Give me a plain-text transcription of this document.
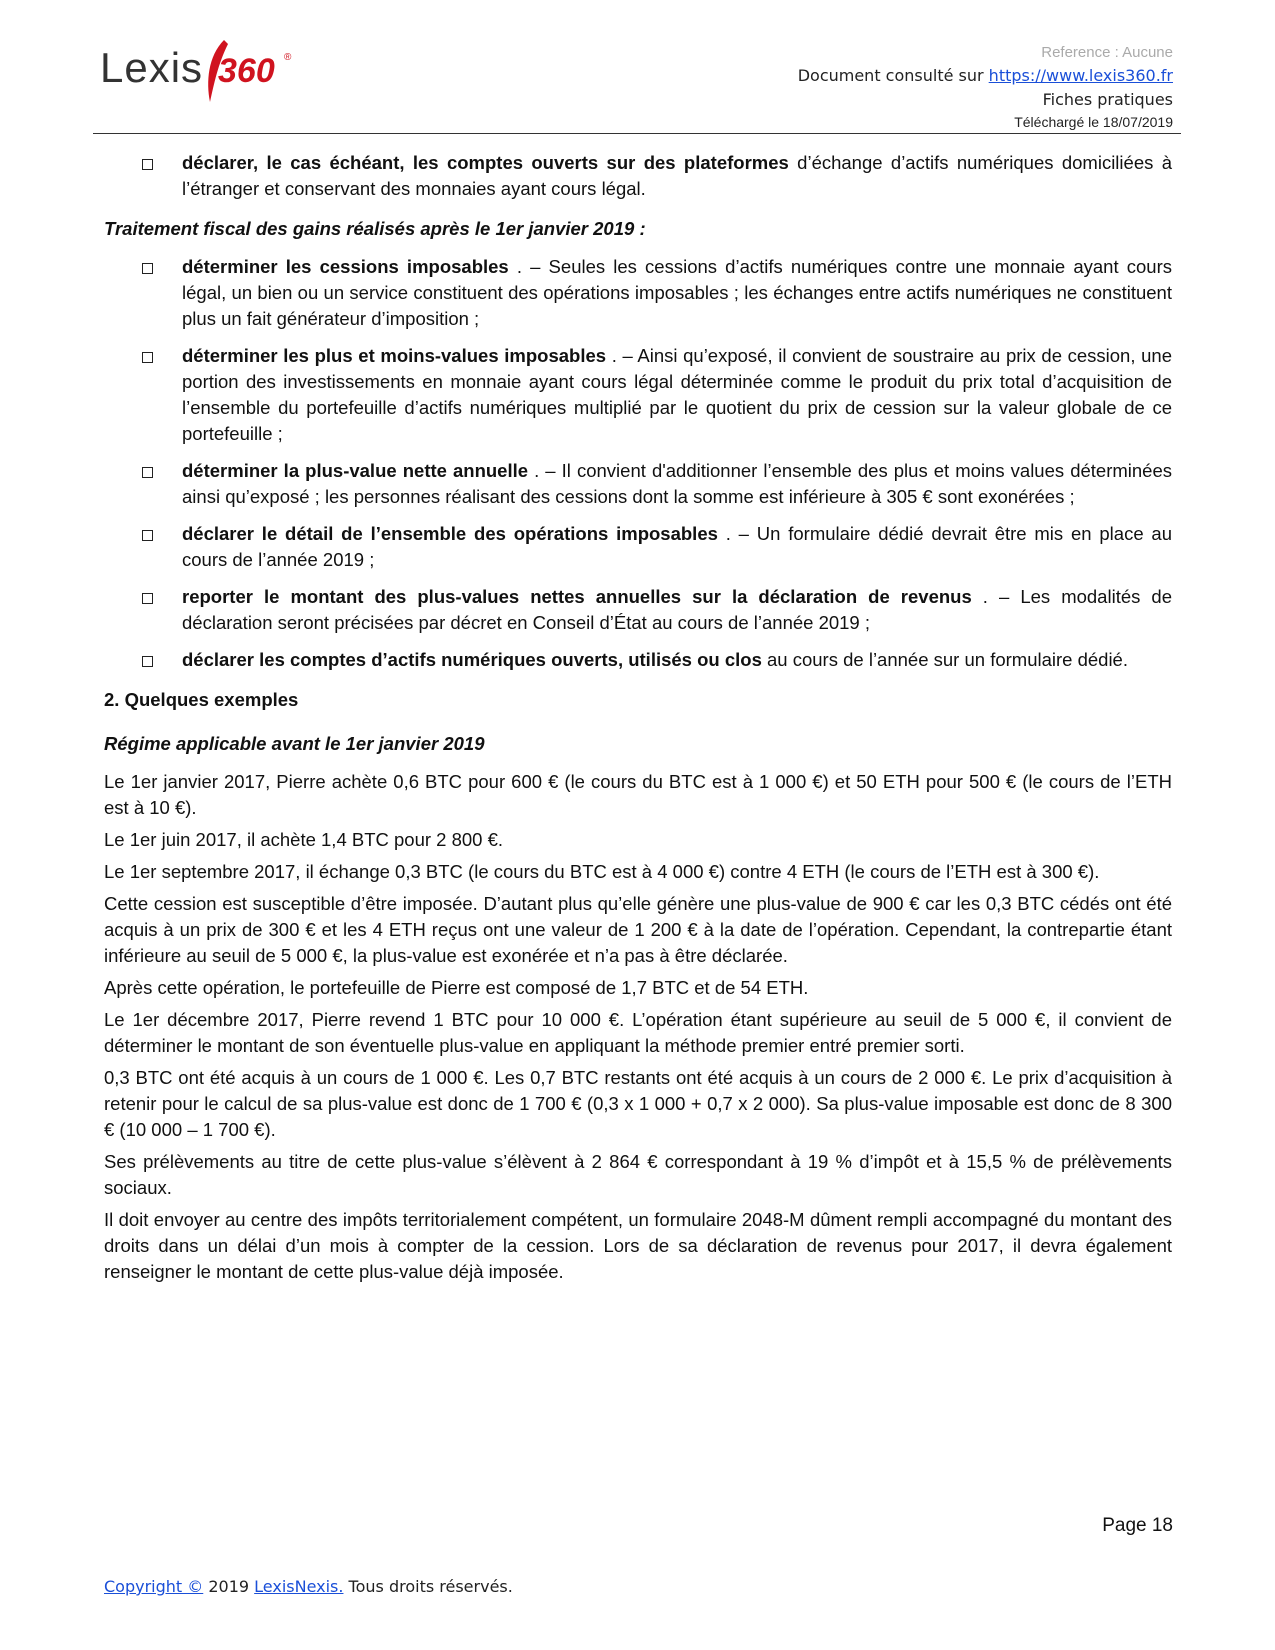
Lexis 360 ®	Reference : Aucune
Document consulté sur https://www.lexis360.fr
Fiches pratiques
Téléchargé le 18/07/2019
déclarer, le cas échéant, les comptes ouverts sur des plateformes d’échange d’actifs numériques domiciliées à l’étranger et conservant des monnaies ayant cours légal.
Traitement fiscal des gains réalisés après le 1er janvier 2019 :
déterminer les cessions imposables . – Seules les cessions d’actifs numériques contre une monnaie ayant cours légal, un bien ou un service constituent des opérations imposables ; les échanges entre actifs numériques ne constituent plus un fait générateur d’imposition ;
déterminer les plus et moins-values imposables . – Ainsi qu’exposé, il convient de soustraire au prix de cession, une portion des investissements en monnaie ayant cours légal déterminée comme le produit du prix total d’acquisition de l’ensemble du portefeuille d’actifs numériques multiplié par le quotient du prix de cession sur la valeur globale de ce portefeuille ;
déterminer la plus-value nette annuelle . – Il convient d'additionner l’ensemble des plus et moins values déterminées ainsi qu’exposé ; les personnes réalisant des cessions dont la somme est inférieure à 305 € sont exonérées ;
déclarer le détail de l’ensemble des opérations imposables . – Un formulaire dédié devrait être mis en place au cours de l’année 2019 ;
reporter le montant des plus-values nettes annuelles sur la déclaration de revenus . – Les modalités de déclaration seront précisées par décret en Conseil d’État au cours de l’année 2019 ;
déclarer les comptes d’actifs numériques ouverts, utilisés ou clos au cours de l’année sur un formulaire dédié.
2. Quelques exemples
Régime applicable avant le 1er janvier 2019
Le 1er janvier 2017, Pierre achète 0,6 BTC pour 600 € (le cours du BTC est à 1 000 €) et 50 ETH pour 500 € (le cours de l’ETH est à 10 €).
Le 1er juin 2017, il achète 1,4 BTC pour 2 800 €.
Le 1er septembre 2017, il échange 0,3 BTC (le cours du BTC est à 4 000 €) contre 4 ETH (le cours de l’ETH est à 300 €).
Cette cession est susceptible d’être imposée. D’autant plus qu’elle génère une plus-value de 900 € car les 0,3 BTC cédés ont été acquis à un prix de 300 € et les 4 ETH reçus ont une valeur de 1 200 € à la date de l’opération. Cependant, la contrepartie étant inférieure au seuil de 5 000 €, la plus-value est exonérée et n’a pas à être déclarée.
Après cette opération, le portefeuille de Pierre est composé de 1,7 BTC et de 54 ETH.
Le 1er décembre 2017, Pierre revend 1 BTC pour 10 000 €. L’opération étant supérieure au seuil de 5 000 €, il convient de déterminer le montant de son éventuelle plus-value en appliquant la méthode premier entré premier sorti.
0,3 BTC ont été acquis à un cours de 1 000 €. Les 0,7 BTC restants ont été acquis à un cours de 2 000 €. Le prix d’acquisition à retenir pour le calcul de sa plus-value est donc de 1 700 € (0,3 x 1 000 + 0,7 x 2 000). Sa plus-value imposable est donc de 8 300 € (10 000 – 1 700 €).
Ses prélèvements au titre de cette plus-value s’élèvent à 2 864 € correspondant à 19 % d’impôt et à 15,5 % de prélèvements sociaux.
Il doit envoyer au centre des impôts territorialement compétent, un formulaire 2048-M dûment rempli accompagné du montant des droits dans un délai d’un mois à compter de la cession. Lors de sa déclaration de revenus pour 2017, il devra également renseigner le montant de cette plus-value déjà imposée.
Page 18
Copyright © 2019 LexisNexis. Tous droits réservés.
